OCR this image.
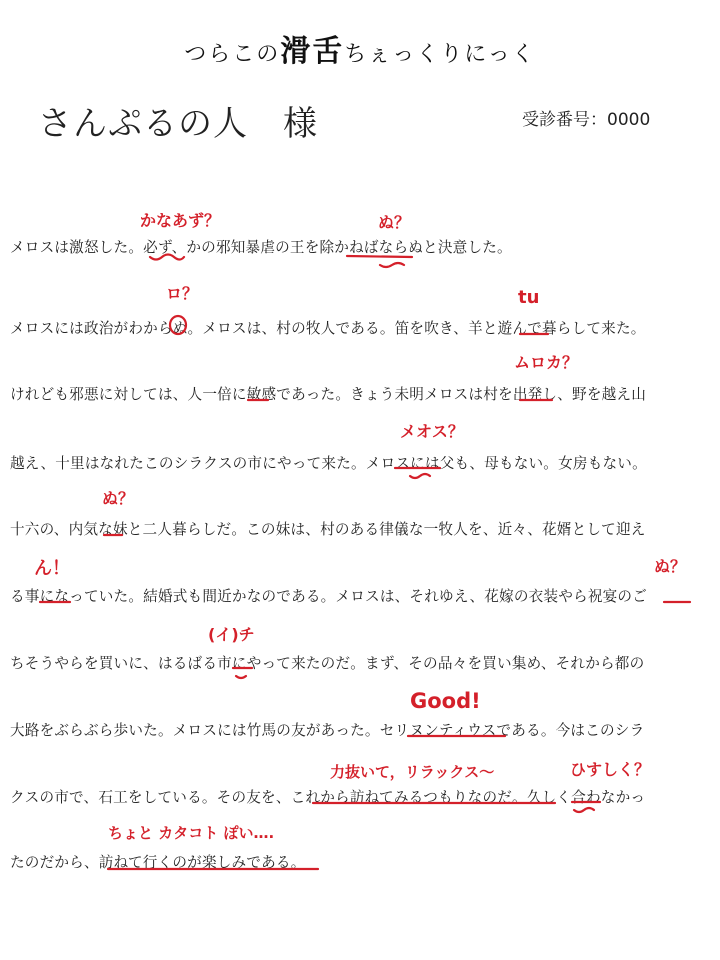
つらこの滑舌ちぇっくりにっく
さんぷるの人　様	受診番号：0000
メロスは激怒した。必ず、かの邪知暴虐の王を除かねばならぬと決意した。
メロスには政治がわからぬ。メロスは、村の牧人である。笛を吹き、羊と遊んで暮らして来た。
けれども邪悪に対しては、人一倍に敏感であった。きょう未明メロスは村を出発し、野を越え山
越え、十里はなれたこのシラクスの市にやって来た。メロスには父も、母もない。女房もない。
十六の、内気な妹と二人暮らしだ。この妹は、村のある律儀な一牧人を、近々、花婿として迎え
る事になっていた。結婚式も間近かなのである。メロスは、それゆえ、花嫁の衣装やら祝宴のご
ちそうやらを買いに、はるばる市にやって来たのだ。まず、その品々を買い集め、それから都の
大路をぶらぶら歩いた。メロスには竹馬の友があった。セリヌンティウスである。今はこのシラ
クスの市で、石工をしている。その友を、これから訪ねてみるつもりなのだ。久しく合わなかっ
たのだから、訪ねて行くのが楽しみである。
かなあず？	ぬ？
ロ？	tu
ムロカ？
メオス？
ぬ？
ん！	ぬ？
(イ)チ
Good!
力抜いて，リラックス～	ひすしく？
ちょと カタコト ぽい….
